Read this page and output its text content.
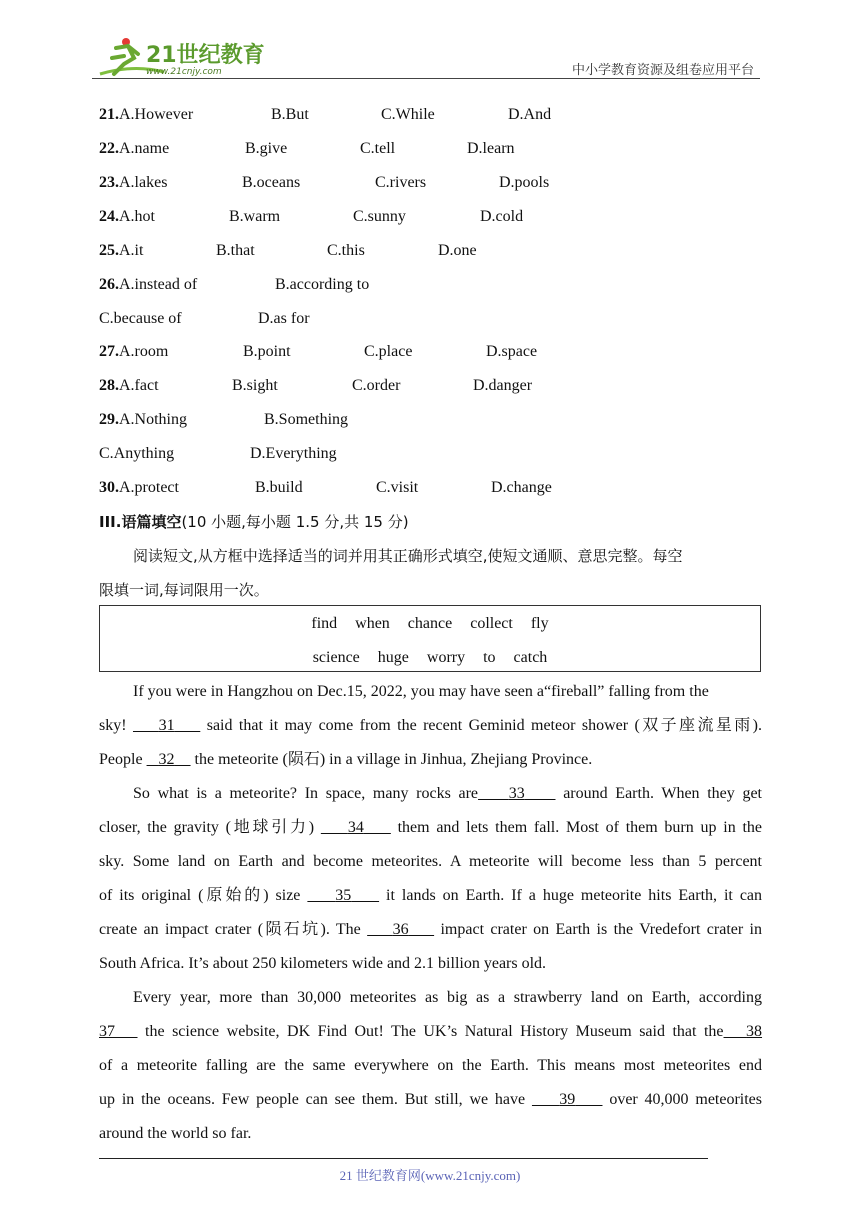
21世纪教育
www.21cnjy.com	中小学教育资源及组卷应用平台
21.A.However	B.But	C.While	D.And
22.A.name	B.give	C.tell	D.learn
23.A.lakes	B.oceans	C.rivers	D.pools
24.A.hot	B.warm	C.sunny	D.cold
25.A.it	B.that	C.this	D.one
26.A.instead of	B.according to
C.because of	D.as for
27.A.room	B.point	C.place	D.space
28.A.fact	B.sight	C.order	D.danger
29.A.Nothing	B.Something
C.Anything	D.Everything
30.A.protect	B.build	C.visit	D.change
III.语篇填空(10 小题,每小题 1.5 分,共 15 分)
阅读短文,从方框中选择适当的词并用其正确形式填空,使短文通顺、意思完整。每空
限填一词,每词限用一次。
find when chance collect fly
science huge worry to catch
If you were in Hangzhou on Dec.15, 2022, you may have seen a“fireball” falling from the
sky! 31 said that it may come from the recent Geminid meteor shower (双子座流星雨).
People 32 the meteorite (陨石) in a village in Jinhua, Zhejiang Province.
So what is a meteorite? In space, many rocks are 33 around Earth. When they get
closer, the gravity (地球引力) 34 them and lets them fall. Most of them burn up in the
sky. Some land on Earth and become meteorites. A meteorite will become less than 5 percent
of its original (原始的) size 35 it lands on Earth. If a huge meteorite hits Earth, it can
create an impact crater (陨石坑). The 36 impact crater on Earth is the Vredefort crater in
South Africa. It’s about 250 kilometers wide and 2.1 billion years old.
Every year, more than 30,000 meteorites as big as a strawberry land on Earth, according
37 the science website, DK Find Out! The UK’s Natural History Museum said that the 38
of a meteorite falling are the same everywhere on the Earth. This means most meteorites end
up in the oceans. Few people can see them. But still, we have 39 over 40,000 meteorites
around the world so far.
21 世纪教育网(www.21cnjy.com)
